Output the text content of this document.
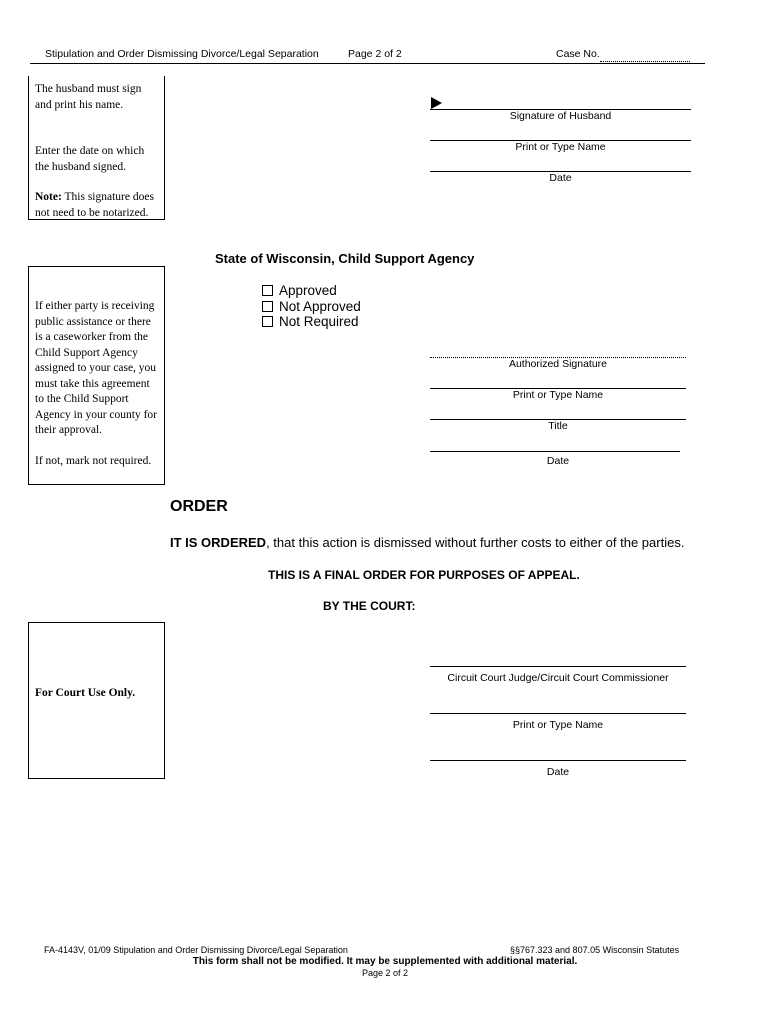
Stipulation and Order Dismissing Divorce/Legal Separation	Page 2 of 2	Case No.

The husband must sign and print his name.

Enter the date on which the husband signed.

Note: This signature does not need to be notarized.

Signature of Husband
Print or Type Name
Date
State of Wisconsin, Child Support Agency

If either party is receiving public assistance or there is a caseworker from the Child Support Agency assigned to your case, you must take this agreement to the Child Support Agency in your county for their approval.

If not, mark not required.

Approved
Not Approved
Not Required
Authorized Signature
Print or Type Name
Title
Date
ORDER
IT IS ORDERED, that this action is dismissed without further costs to either of the parties.
THIS IS A FINAL ORDER FOR PURPOSES OF APPEAL.
BY THE COURT:

For Court Use Only.

Circuit Court Judge/Circuit Court Commissioner
Print or Type Name
Date
FA-4143V, 01/09 Stipulation and Order Dismissing Divorce/Legal Separation	§§767.323 and 807.05 Wisconsin Statutes
This form shall not be modified. It may be supplemented with additional material.
Page 2 of 2
